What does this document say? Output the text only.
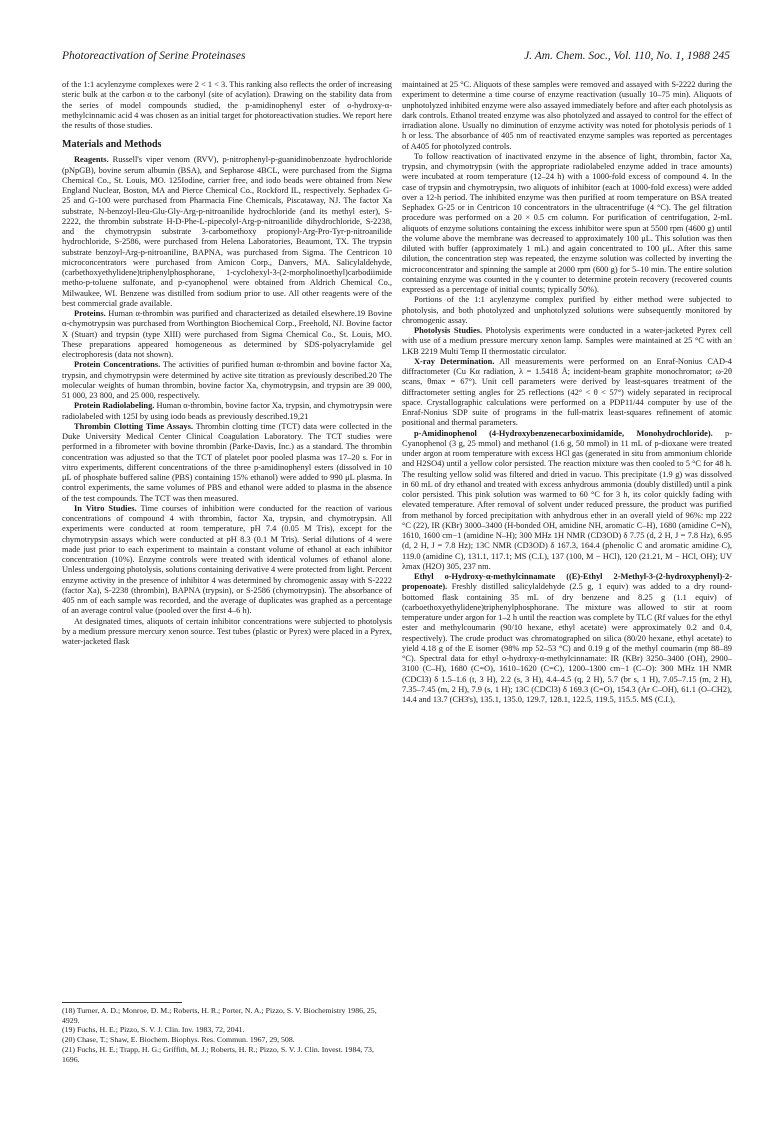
Photoreactivation of Serine Proteinases	J. Am. Chem. Soc., Vol. 110, No. 1, 1988 245

of the 1:1 acylenzyme complexes were 2 < 1 < 3. This ranking also reflects the order of increasing steric bulk at the carbon α to the carbonyl (site of acylation). Drawing on the stability data from the series of model compounds studied, the p-amidinophenyl ester of o-hydroxy-α-methylcinnamic acid 4 was chosen as an initial target for photoreactivation studies. We report here the results of those studies.

Materials and Methods

Reagents. Russell's viper venom (RVV), p-nitrophenyl-p-guanidinobenzoate hydrochloride (pNpGB), bovine serum albumin (BSA), and Sepharose 4BCL, were purchased from the Sigma Chemical Co., St. Louis, MO. 125Iodine, carrier free, and iodo beads were obtained from New England Nuclear, Boston, MA and Pierce Chemical Co., Rockford IL, respectively. Sephadex G-25 and G-100 were purchased from Pharmacia Fine Chemicals, Piscataway, NJ. The factor Xa substrate, N-benzoyl-Ileu-Glu-Gly-Arg-p-nitroanilide hydrochloride (and its methyl ester), S-2222, the thrombin substrate H-D-Phe-L-pipecolyl-Arg-p-nitroanilide dihydrochloride, S-2238, and the chymotrypsin substrate 3-carbomethoxy propionyl-Arg-Pro-Tyr-p-nitroanilide hydrochloride, S-2586, were purchased from Helena Laboratories, Beaumont, TX. The trypsin substrate benzoyl-Arg-p-nitroaniline, BAPNA, was purchased from Sigma. The Centricon 10 microconcentrators were purchased from Amicon Corp., Danvers, MA. Salicylaldehyde, (carbethoxyethylidene)triphenylphosphorane, 1-cyclohexyl-3-(2-morpholinoethyl)carbodiimide metho-p-toluene sulfonate, and p-cyanophenol were obtained from Aldrich Chemical Co., Milwaukee, WI. Benzene was distilled from sodium prior to use. All other reagents were of the best commercial grade available.

Proteins. Human α-thrombin was purified and characterized as detailed elsewhere.19 Bovine α-chymotrypsin was purchased from Worthington Biochemical Corp., Freehold, NJ. Bovine factor X (Stuart) and trypsin (type XIII) were purchased from Sigma Chemical Co., St. Louis, MO. These preparations appeared homogeneous as determined by SDS-polyacrylamide gel electrophoresis (data not shown).

Protein Concentrations. The activities of purified human α-thrombin and bovine factor Xa, trypsin, and chymotrypsin were determined by active site titration as previously described.20 The molecular weights of human thrombin, bovine factor Xa, chymotrypsin, and trypsin are 39 000, 51 000, 23 800, and 25 000, respectively.

Protein Radiolabeling. Human α-thrombin, bovine factor Xa, trypsin, and chymotrypsin were radiolabeled with 125I by using iodo beads as previously described.19,21

Thrombin Clotting Time Assays. Thrombin clotting time (TCT) data were collected in the Duke University Medical Center Clinical Coagulation Laboratory. The TCT studies were performed in a fibrometer with bovine thrombin (Parke-Davis, Inc.) as a standard. The thrombin concentration was adjusted so that the TCT of platelet poor pooled plasma was 17–20 s. For in vitro experiments, different concentrations of the three p-amidinophenyl esters (dissolved in 10 μL of phosphate buffered saline (PBS) containing 15% ethanol) were added to 990 μL plasma. In control experiments, the same volumes of PBS and ethanol were added to plasma in the absence of the test compounds. The TCT was then measured.

In Vitro Studies. Time courses of inhibition were conducted for the reaction of various concentrations of compound 4 with thrombin, factor Xa, trypsin, and chymotrypsin. All experiments were conducted at room temperature, pH 7.4 (0.05 M Tris), except for the chymotrypsin assays which were conducted at pH 8.3 (0.1 M Tris). Serial dilutions of 4 were made just prior to each experiment to maintain a constant volume of ethanol at each inhibitor concentration (10%). Enzyme controls were treated with identical volumes of ethanol alone. Unless undergoing photolysis, solutions containing derivative 4 were protected from light. Percent enzyme activity in the presence of inhibitor 4 was determined by chromogenic assay with S-2222 (factor Xa), S-2238 (thrombin), BAPNA (trypsin), or S-2586 (chymotrypsin). The absorbance of 405 nm of each sample was recorded, and the average of duplicates was graphed as a percentage of an average control value (pooled over the first 4–6 h).

At designated times, aliquots of certain inhibitor concentrations were subjected to photolysis by a medium pressure mercury xenon source. Test tubes (plastic or Pyrex) were placed in a Pyrex, water-jacketed flask

(18) Turner, A. D.; Monroe, D. M.; Roberts, H. R.; Porter, N. A.; Pizzo, S. V. Biochemistry 1986, 25, 4929.
(19) Fuchs, H. E.; Pizzo, S. V. J. Clin. Inv. 1983, 72, 2041.
(20) Chase, T.; Shaw, E. Biochem. Biophys. Res. Commun. 1967, 29, 508.
(21) Fuchs, H. E.; Trapp, H. G.; Griffith, M. J.; Roberts, H. R.; Pizzo, S. V. J. Clin. Invest. 1984, 73, 1696.

maintained at 25 °C. Aliquots of these samples were removed and assayed with S-2222 during the experiment to determine a time course of enzyme reactivation (usually 10–75 min). Aliquots of unphotolyzed inhibited enzyme were also assayed immediately before and after each photolysis as dark controls. Ethanol treated enzyme was also photolyzed and assayed to control for the effect of irradiation alone. Usually no diminution of enzyme activity was noted for photolysis periods of 1 h or less. The absorbance of 405 nm of reactivated enzyme samples was reported as percentages of A405 for photolyzed controls.

To follow reactivation of inactivated enzyme in the absence of light, thrombin, factor Xa, trypsin, and chymotrypsin (with the appropriate radiolabeled enzyme added in trace amounts) were incubated at room temperature (12–24 h) with a 1000-fold excess of compound 4. In the case of trypsin and chymotrypsin, two aliquots of inhibitor (each at 1000-fold excess) were added over a 12-h period. The inhibited enzyme was then purified at room temperature on BSA treated Sephadex G-25 or in Centricon 10 concentrators in the ultracentrifuge (4 °C). The gel filtration procedure was performed on a 20 × 0.5 cm column. For purification of centrifugation, 2-mL aliquots of enzyme solutions containing the excess inhibitor were spun at 5500 rpm (4600 g) until the volume above the membrane was decreased to approximately 100 μL. This solution was then diluted with buffer (approximately 1 mL) and again concentrated to 100 μL. After this same dilution, the concentration step was repeated, the enzyme solution was collected by inverting the microconcentrator and spinning the sample at 2000 rpm (600 g) for 5–10 min. The entire solution containing enzyme was counted in the γ counter to determine protein recovery (recovered counts expressed as a percentage of initial counts; typically 50%).

Portions of the 1:1 acylenzyme complex purified by either method were subjected to photolysis, and both photolyzed and unphotolyzed solutions were subsequently monitored by chromogenic assay.

Photolysis Studies. Photolysis experiments were conducted in a water-jacketed Pyrex cell with use of a medium pressure mercury xenon lamp. Samples were maintained at 25 °C with an LKB 2219 Multi Temp II thermostatic circulator.

X-ray Determination. All measurements were performed on an Enraf-Nonius CAD-4 diffractometer (Cu Kα radiation, λ = 1.5418 Å; incident-beam graphite monochromator; ω-2θ scans, θmax = 67°). Unit cell parameters were derived by least-squares treatment of the diffractometer setting angles for 25 reflections (42° < θ < 57°) widely separated in reciprocal space. Crystallographic calculations were performed on a PDP11/44 computer by use of the Enraf-Nonius SDP suite of programs in the full-matrix least-squares refinement of atomic positional and thermal parameters.

p-Amidinophenol (4-Hydroxybenzenecarboximidamide, Monohydrochloride). p-Cyanophenol (3 g, 25 mmol) and methanol (1.6 g, 50 mmol) in 11 mL of p-dioxane were treated under argon at room temperature with excess HCl gas (generated in situ from ammonium chloride and H2SO4) until a yellow color persisted. The reaction mixture was then cooled to 5 °C for 48 h. The resulting yellow solid was filtered and dried in vacuo. This precipitate (1.9 g) was dissolved in 60 mL of dry ethanol and treated with excess anhydrous ammonia (doubly distilled) until a pink color persisted. This pink solution was warmed to 60 °C for 3 h, its color quickly fading with elevated temperature. After removal of solvent under reduced pressure, the product was purified from methanol by forced precipitation with anhydrous ether in an overall yield of 96%: mp 222 °C (22), IR (KBr) 3000–3400 (H-bonded OH, amidine NH, aromatic C–H), 1680 (amidine C=N), 1610, 1600 cm−1 (amidine N–H); 300 MHz 1H NMR (CD3OD) δ 7.75 (d, 2 H, J = 7.8 Hz), 6.95 (d, 2 H, J = 7.8 Hz); 13C NMR (CD3OD) δ 167.3, 164.4 (phenolic C and aromatic amidine C), 119.0 (amidine C), 131.1, 117.1; MS (C.I.), 137 (100, M − HCl), 120 (21.21, M − HCl, OH); UV λmax (H2O) 305, 237 nm.

Ethyl o-Hydroxy-α-methylcinnamate ((E)-Ethyl 2-Methyl-3-(2-hydroxyphenyl)-2-propenoate). Freshly distilled salicylaldehyde (2.5 g, 1 equiv) was added to a dry round-bottomed flask containing 35 mL of dry benzene and 8.25 g (1.1 equiv) of (carboethoxyethylidene)triphenylphosphorane. The mixture was allowed to stir at room temperature under argon for 1–2 h until the reaction was complete by TLC (Rf values for the ethyl ester and methylcoumarin (90/10 hexane, ethyl acetate) were approximately 0.2 and 0.4, respectively). The crude product was chromatographed on silica (80/20 hexane, ethyl acetate) to yield 4.18 g of the E isomer (98% mp 52–53 °C) and 0.19 g of the methyl coumarin (mp 88–89 °C). Spectral data for ethyl o-hydroxy-α-methylcinnamate: IR (KBr) 3250–3400 (OH), 2900–3100 (C–H), 1680 (C=O), 1610–1620 (C=C), 1200–1300 cm−1 (C–O): 300 MHz 1H NMR (CDCl3) δ 1.5–1.6 (t, 3 H), 2.2 (s, 3 H), 4.4–4.5 (q, 2 H), 5.7 (br s, 1 H), 7.05–7.15 (m, 2 H), 7.35–7.45 (m, 2 H), 7.9 (s, 1 H); 13C (CDCl3) δ 169.3 (C=O), 154.3 (Ar C–OH), 61.1 (O–CH2), 14.4 and 13.7 (CH3's), 135.1, 135.0, 129.7, 128.1, 122.5, 119.5, 115.5. MS (C.I.),
